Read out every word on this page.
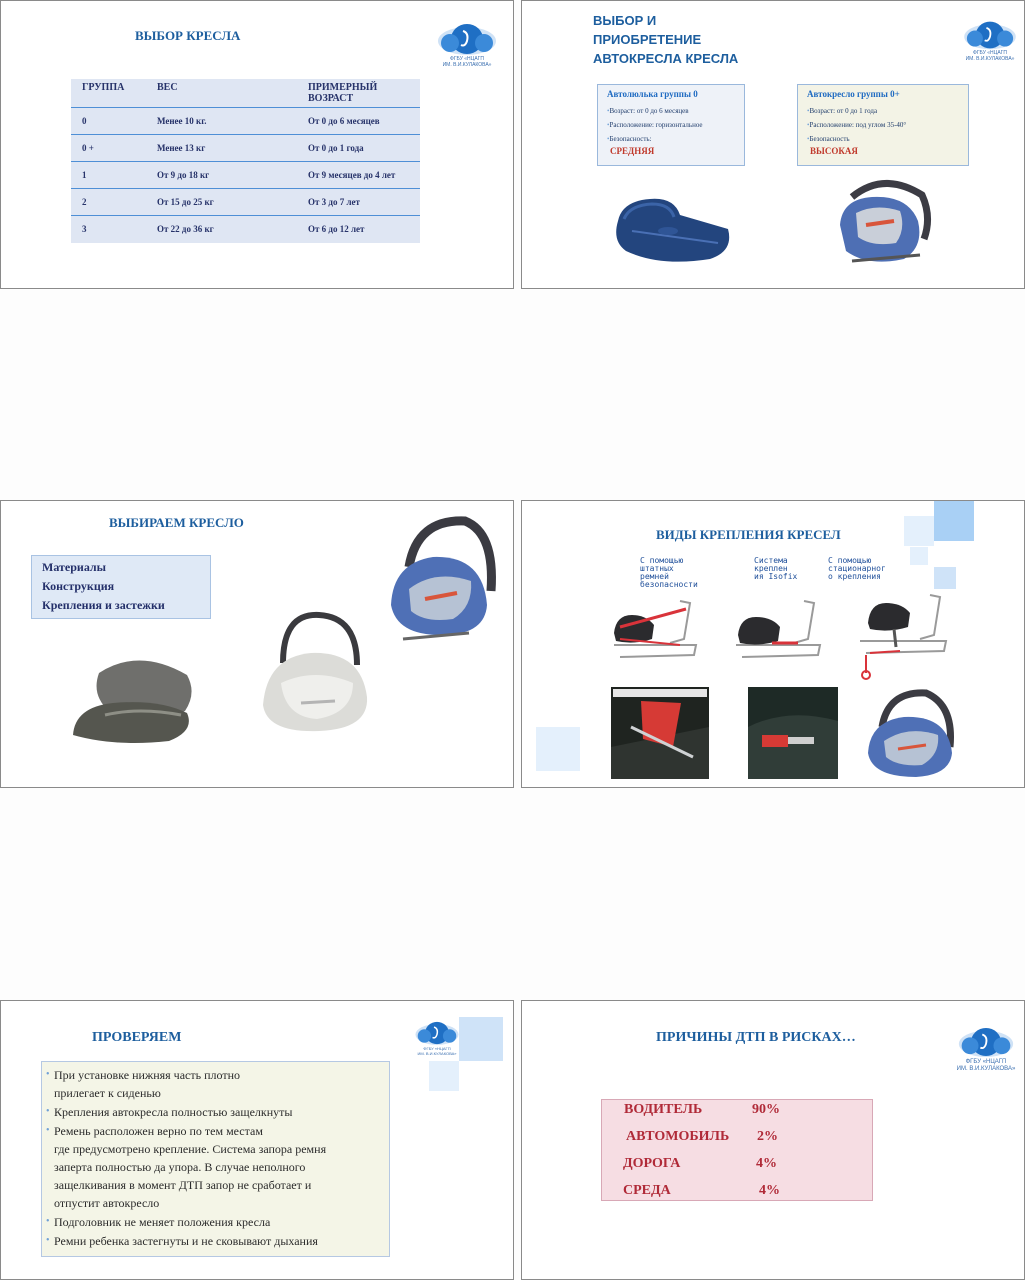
ВЫБОР КРЕСЛА
ФГБУ «НЦАГП
ИМ. В.И.КУЛАКОВА»
ГРУППА	ВЕС	ПРИМЕРНЫЙ ВОЗРАСТ
0	Менее 10 кг.	От 0 до 6 месяцев
0 +	Менее 13 кг	От 0 до 1 года
1	От 9 до 18 кг	От 9 месяцев до 4 лет
2	От 15 до 25 кг	От 3 до 7 лет
3	От 22 до 36 кг	От 6 до 12 лет
ВЫБОР И
ПРИОБРЕТЕНИЕ
АВТОКРЕСЛА КРЕСЛА	ФГБУ «НЦАГП
ИМ. В.И.КУЛАКОВА»
Автолюлька группы 0
• Возраст: от 0 до 6 месяцев
• Расположение: горизонтальное
• Безопасность:
СРЕДНЯЯ
Автокресло группы 0+
• Возраст: от 0 до 1 года
• Расположение: под углом 35-40°
• Безопасность
ВЫСОКАЯ
ВЫБИРАЕМ КРЕСЛО
Материалы
Конструкция
Крепления и застежки
ВИДЫ КРЕПЛЕНИЯ КРЕСЕЛ
С помощью
штатных
ремней
безопасности
Система
креплен
ия Isofix
С помощью
стационарног
о крепления
ПРОВЕРЯЕМ
ФГБУ «НЦАГП
ИМ. В.И.КУЛАКОВА»
• При установке нижняя часть плотно
прилегает к сиденью
• Крепления автокресла полностью защелкнуты
• Ремень расположен верно по тем местам
где предусмотрено крепление. Система запора ремня
заперта полностью да упора. В случае неполного
защелкивания в момент ДТП запор не сработает и
отпустит автокресло
• Подголовник не меняет положения кресла
• Ремни ребенка застегнуты и не сковывают дыхания
ПРИЧИНЫ ДТП В РИСКАХ…
ФГБУ «НЦАГП
ИМ. В.И.КУЛАКОВА»
ВОДИТЕЛЬ	90%
АВТОМОБИЛЬ 2%
ДОРОГА	4%
СРЕДА	4%
